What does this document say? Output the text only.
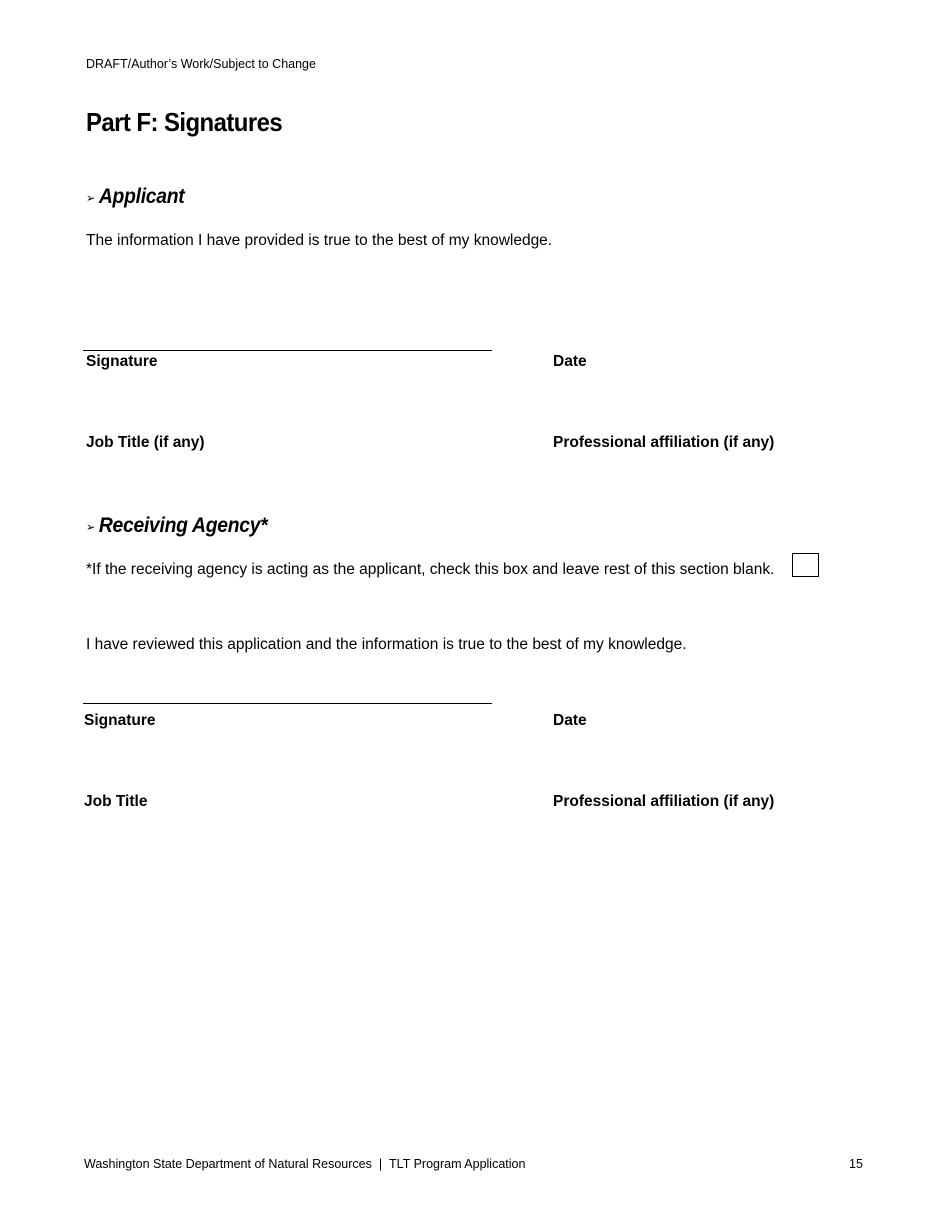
DRAFT/Author’s Work/Subject to Change
Part F: Signatures
➢ Applicant
The information I have provided is true to the best of my knowledge.
Signature	Date
Job Title (if any)	Professional affiliation (if any)
➢ Receiving Agency*
*If the receiving agency is acting as the applicant, check this box and leave rest of this section blank.
I have reviewed this application and the information is true to the best of my knowledge.
Signature	Date
Job Title	Professional affiliation (if any)
Washington State Department of Natural Resources | TLT Program Application	15
